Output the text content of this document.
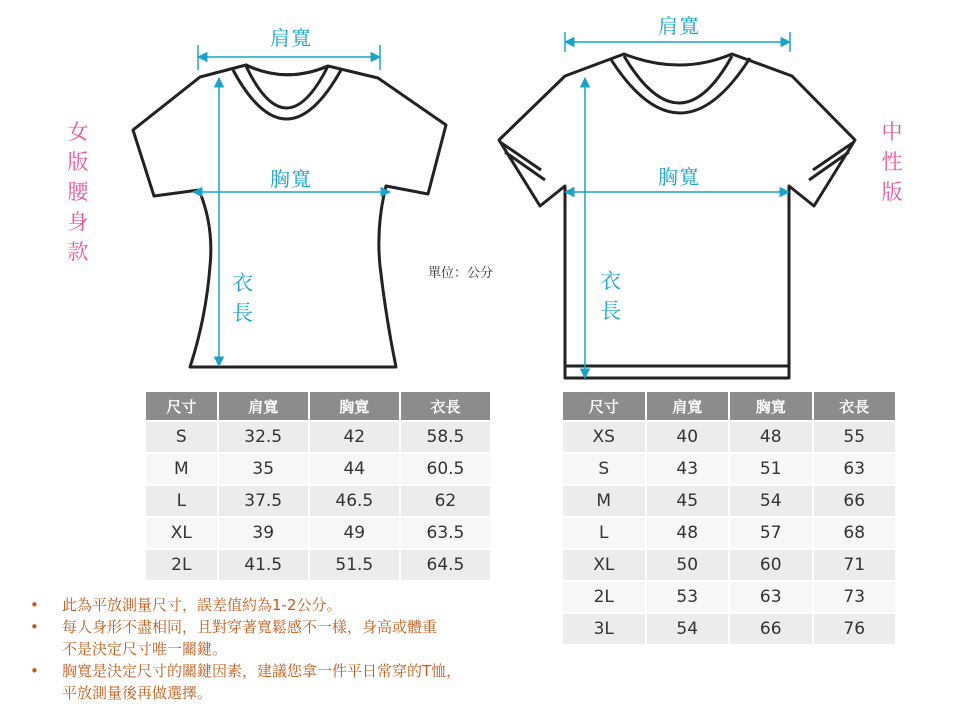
女版腰身款
中性版
肩寬
胸寬
衣長
肩寬
胸寬
衣長
單位：公分
尺寸	肩寬	胸寬	衣長
S	32.5	42	58.5
M	35	44	60.5
L	37.5	46.5	62
XL	39	49	63.5
2L	41.5	51.5	64.5
尺寸	肩寬	胸寬	衣長
XS	40	48	55
S	43	51	63
M	45	54	66
L	48	57	68
XL	50	60	71
2L	53	63	73
3L	54	66	76
• 此為平放測量尺寸，誤差值約為1-2公分。
• 每人身形不盡相同，且對穿著寬鬆感不一樣，身高或體重
不是決定尺寸唯一關鍵。
• 胸寬是決定尺寸的關鍵因素，建議您拿一件平日常穿的T恤，
平放測量後再做選擇。
